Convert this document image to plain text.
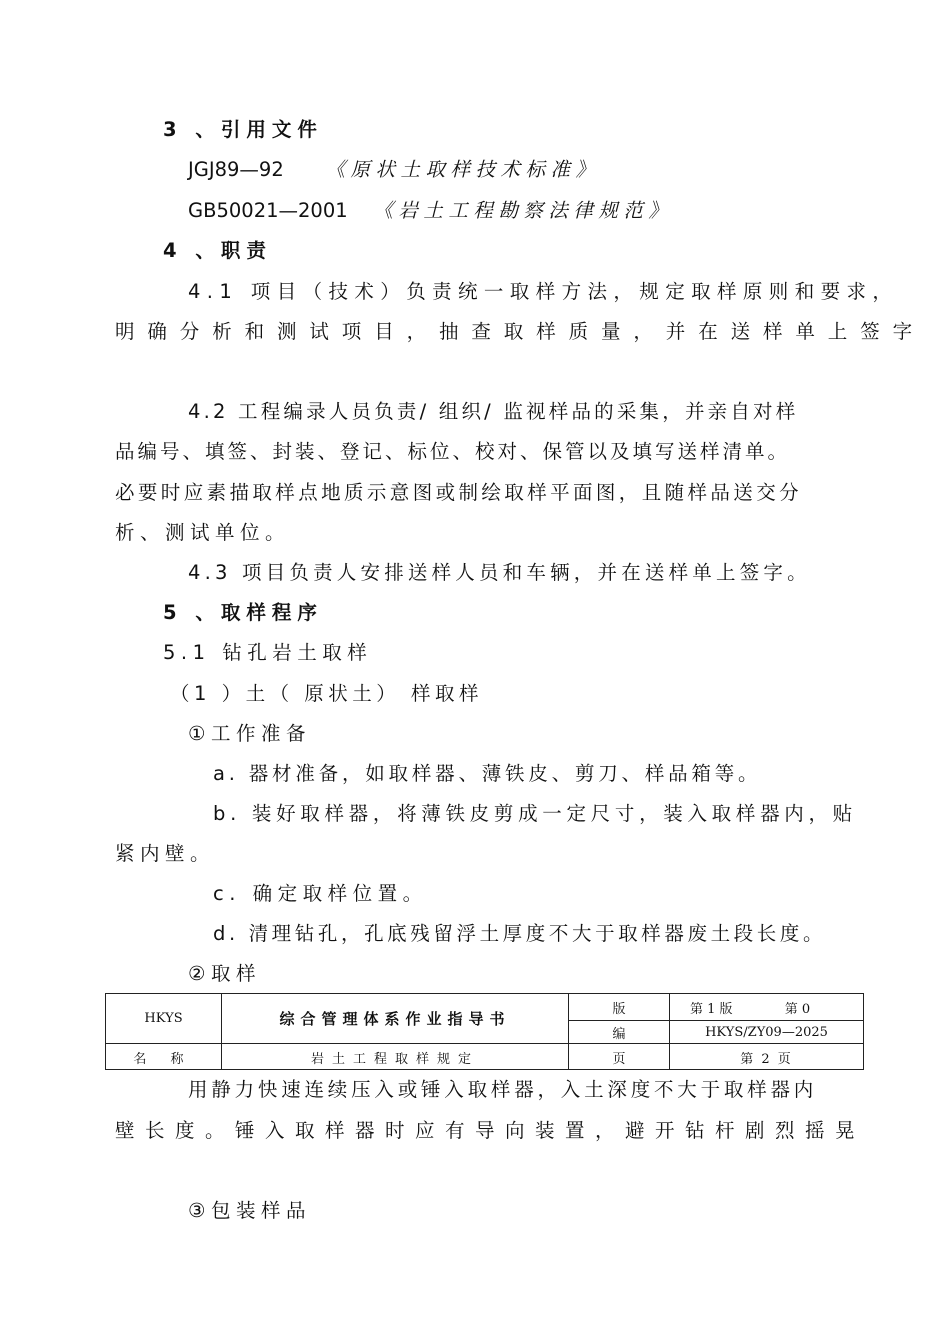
3 、引用文件
JGJ89—92 《原状土取样技术标准》
GB50021—2001 《岩土工程勘察法律规范》
4 、职责
4.1 项目（技术）负责统一取样方法，规定取样原则和要求，
明确分析和测试项目，抽查取样质量，并在送样单上签字
4.2 工程编录人员负责/ 组织/ 监视样品的采集，并亲自对样
品编号、填签、封装、登记、标位、校对、保管以及填写送样清单。
必要时应素描取样点地质示意图或制绘取样平面图，且随样品送交分
析、测试单位。
4.3 项目负责人安排送样人员和车辆，并在送样单上签字。
5 、取样程序
5.1 钻孔岩土取样
（1 ）土（ 原状土） 样取样
①工作准备
a. 器材准备，如取样器、薄铁皮、剪刀、样品箱等。
b. 装好取样器，将薄铁皮剪成一定尺寸，装入取样器内，贴
紧内壁。
c. 确定取样位置。
d. 清理钻孔，孔底残留浮土厚度不大于取样器废土段长度。
②取样
HKYS	综合管理体系作业指导书	版	第 1 版 第 0
		编	HKYS/ZY09—2025

名 称	岩土工程取样规定	页	第 2 页
用静力快速连续压入或锤入取样器，入土深度不大于取样器内
壁长度。锤入取样器时应有导向装置，避开钻杆剧烈摇晃
③包装样品
